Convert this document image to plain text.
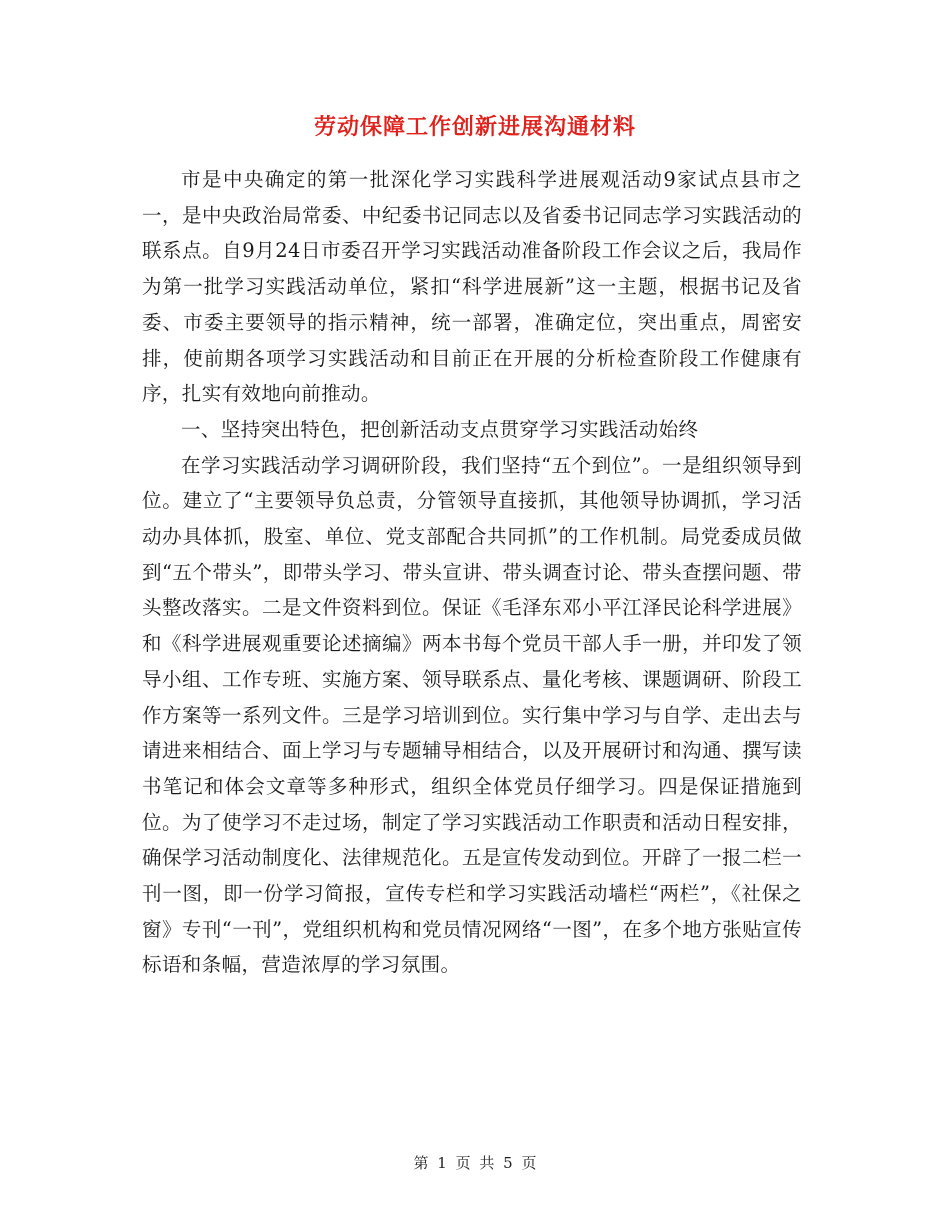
劳动保障工作创新进展沟通材料

市是中央确定的第一批深化学习实践科学进展观活动9家试点县市之一，是中央政治局常委、中纪委书记同志以及省委书记同志学习实践活动的联系点。自9月24日市委召开学习实践活动准备阶段工作会议之后，我局作为第一批学习实践活动单位，紧扣“科学进展新”这一主题，根据书记及省委、市委主要领导的指示精神，统一部署，准确定位，突出重点，周密安排，使前期各项学习实践活动和目前正在开展的分析检查阶段工作健康有序，扎实有效地向前推动。

一、坚持突出特色，把创新活动支点贯穿学习实践活动始终

在学习实践活动学习调研阶段，我们坚持“五个到位”。一是组织领导到位。建立了“主要领导负总责，分管领导直接抓，其他领导协调抓，学习活动办具体抓，股室、单位、党支部配合共同抓”的工作机制。局党委成员做到“五个带头”，即带头学习、带头宣讲、带头调查讨论、带头查摆问题、带头整改落实。二是文件资料到位。保证《毛泽东邓小平江泽民论科学进展》和《科学进展观重要论述摘编》两本书每个党员干部人手一册，并印发了领导小组、工作专班、实施方案、领导联系点、量化考核、课题调研、阶段工作方案等一系列文件。三是学习培训到位。实行集中学习与自学、走出去与请进来相结合、面上学习与专题辅导相结合，以及开展研讨和沟通、撰写读书笔记和体会文章等多种形式，组织全体党员仔细学习。四是保证措施到位。为了使学习不走过场，制定了学习实践活动工作职责和活动日程安排，确保学习活动制度化、法律规范化。五是宣传发动到位。开辟了一报二栏一刊一图，即一份学习简报，宣传专栏和学习实践活动墙栏“两栏”，《社保之窗》专刊“一刊”，党组织机构和党员情况网络“一图”，在多个地方张贴宣传标语和条幅，营造浓厚的学习氛围。

第 1 页 共 5 页
